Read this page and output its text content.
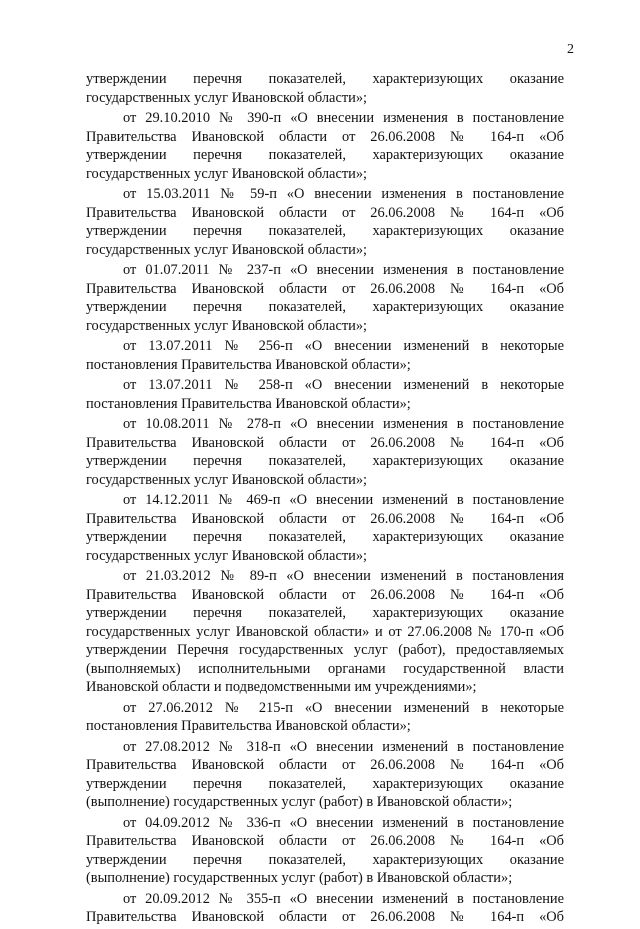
2
утверждении перечня показателей, характеризующих оказание
государственных услуг Ивановской области»;
от 29.10.2010 № 390-п «О внесении изменения в постановление
Правительства Ивановской области от 26.06.2008 № 164-п «Об
утверждении перечня показателей, характеризующих оказание
государственных услуг Ивановской области»;
от 15.03.2011 № 59-п «О внесении изменения в постановление
Правительства Ивановской области от 26.06.2008 № 164-п «Об
утверждении перечня показателей, характеризующих оказание
государственных услуг Ивановской области»;
от 01.07.2011 № 237-п «О внесении изменения в постановление
Правительства Ивановской области от 26.06.2008 № 164-п «Об
утверждении перечня показателей, характеризующих оказание
государственных услуг Ивановской области»;
от 13.07.2011 № 256-п «О внесении изменений в некоторые
постановления Правительства Ивановской области»;
от 13.07.2011 № 258-п «О внесении изменений в некоторые
постановления Правительства Ивановской области»;
от 10.08.2011 № 278-п «О внесении изменения в постановление
Правительства Ивановской области от 26.06.2008 № 164-п «Об
утверждении перечня показателей, характеризующих оказание
государственных услуг Ивановской области»;
от 14.12.2011 № 469-п «О внесении изменений в постановление
Правительства Ивановской области от 26.06.2008 № 164-п «Об
утверждении перечня показателей, характеризующих оказание
государственных услуг Ивановской области»;
от 21.03.2012 № 89-п «О внесении изменений в постановления
Правительства Ивановской области от 26.06.2008 № 164-п «Об
утверждении перечня показателей, характеризующих оказание
государственных услуг Ивановской области» и от 27.06.2008 № 170-п «Об
утверждении Перечня государственных услуг (работ), предоставляемых
(выполняемых) исполнительными органами государственной власти
Ивановской области и подведомственными им учреждениями»;
от 27.06.2012 № 215-п «О внесении изменений в некоторые
постановления Правительства Ивановской области»;
от 27.08.2012 № 318-п «О внесении изменений в постановление
Правительства Ивановской области от 26.06.2008 № 164-п «Об
утверждении перечня показателей, характеризующих оказание
(выполнение) государственных услуг (работ) в Ивановской области»;
от 04.09.2012 № 336-п «О внесении изменений в постановление
Правительства Ивановской области от 26.06.2008 № 164-п «Об
утверждении перечня показателей, характеризующих оказание
(выполнение) государственных услуг (работ) в Ивановской области»;
от 20.09.2012 № 355-п «О внесении изменений в постановление
Правительства Ивановской области от 26.06.2008 № 164-п «Об
